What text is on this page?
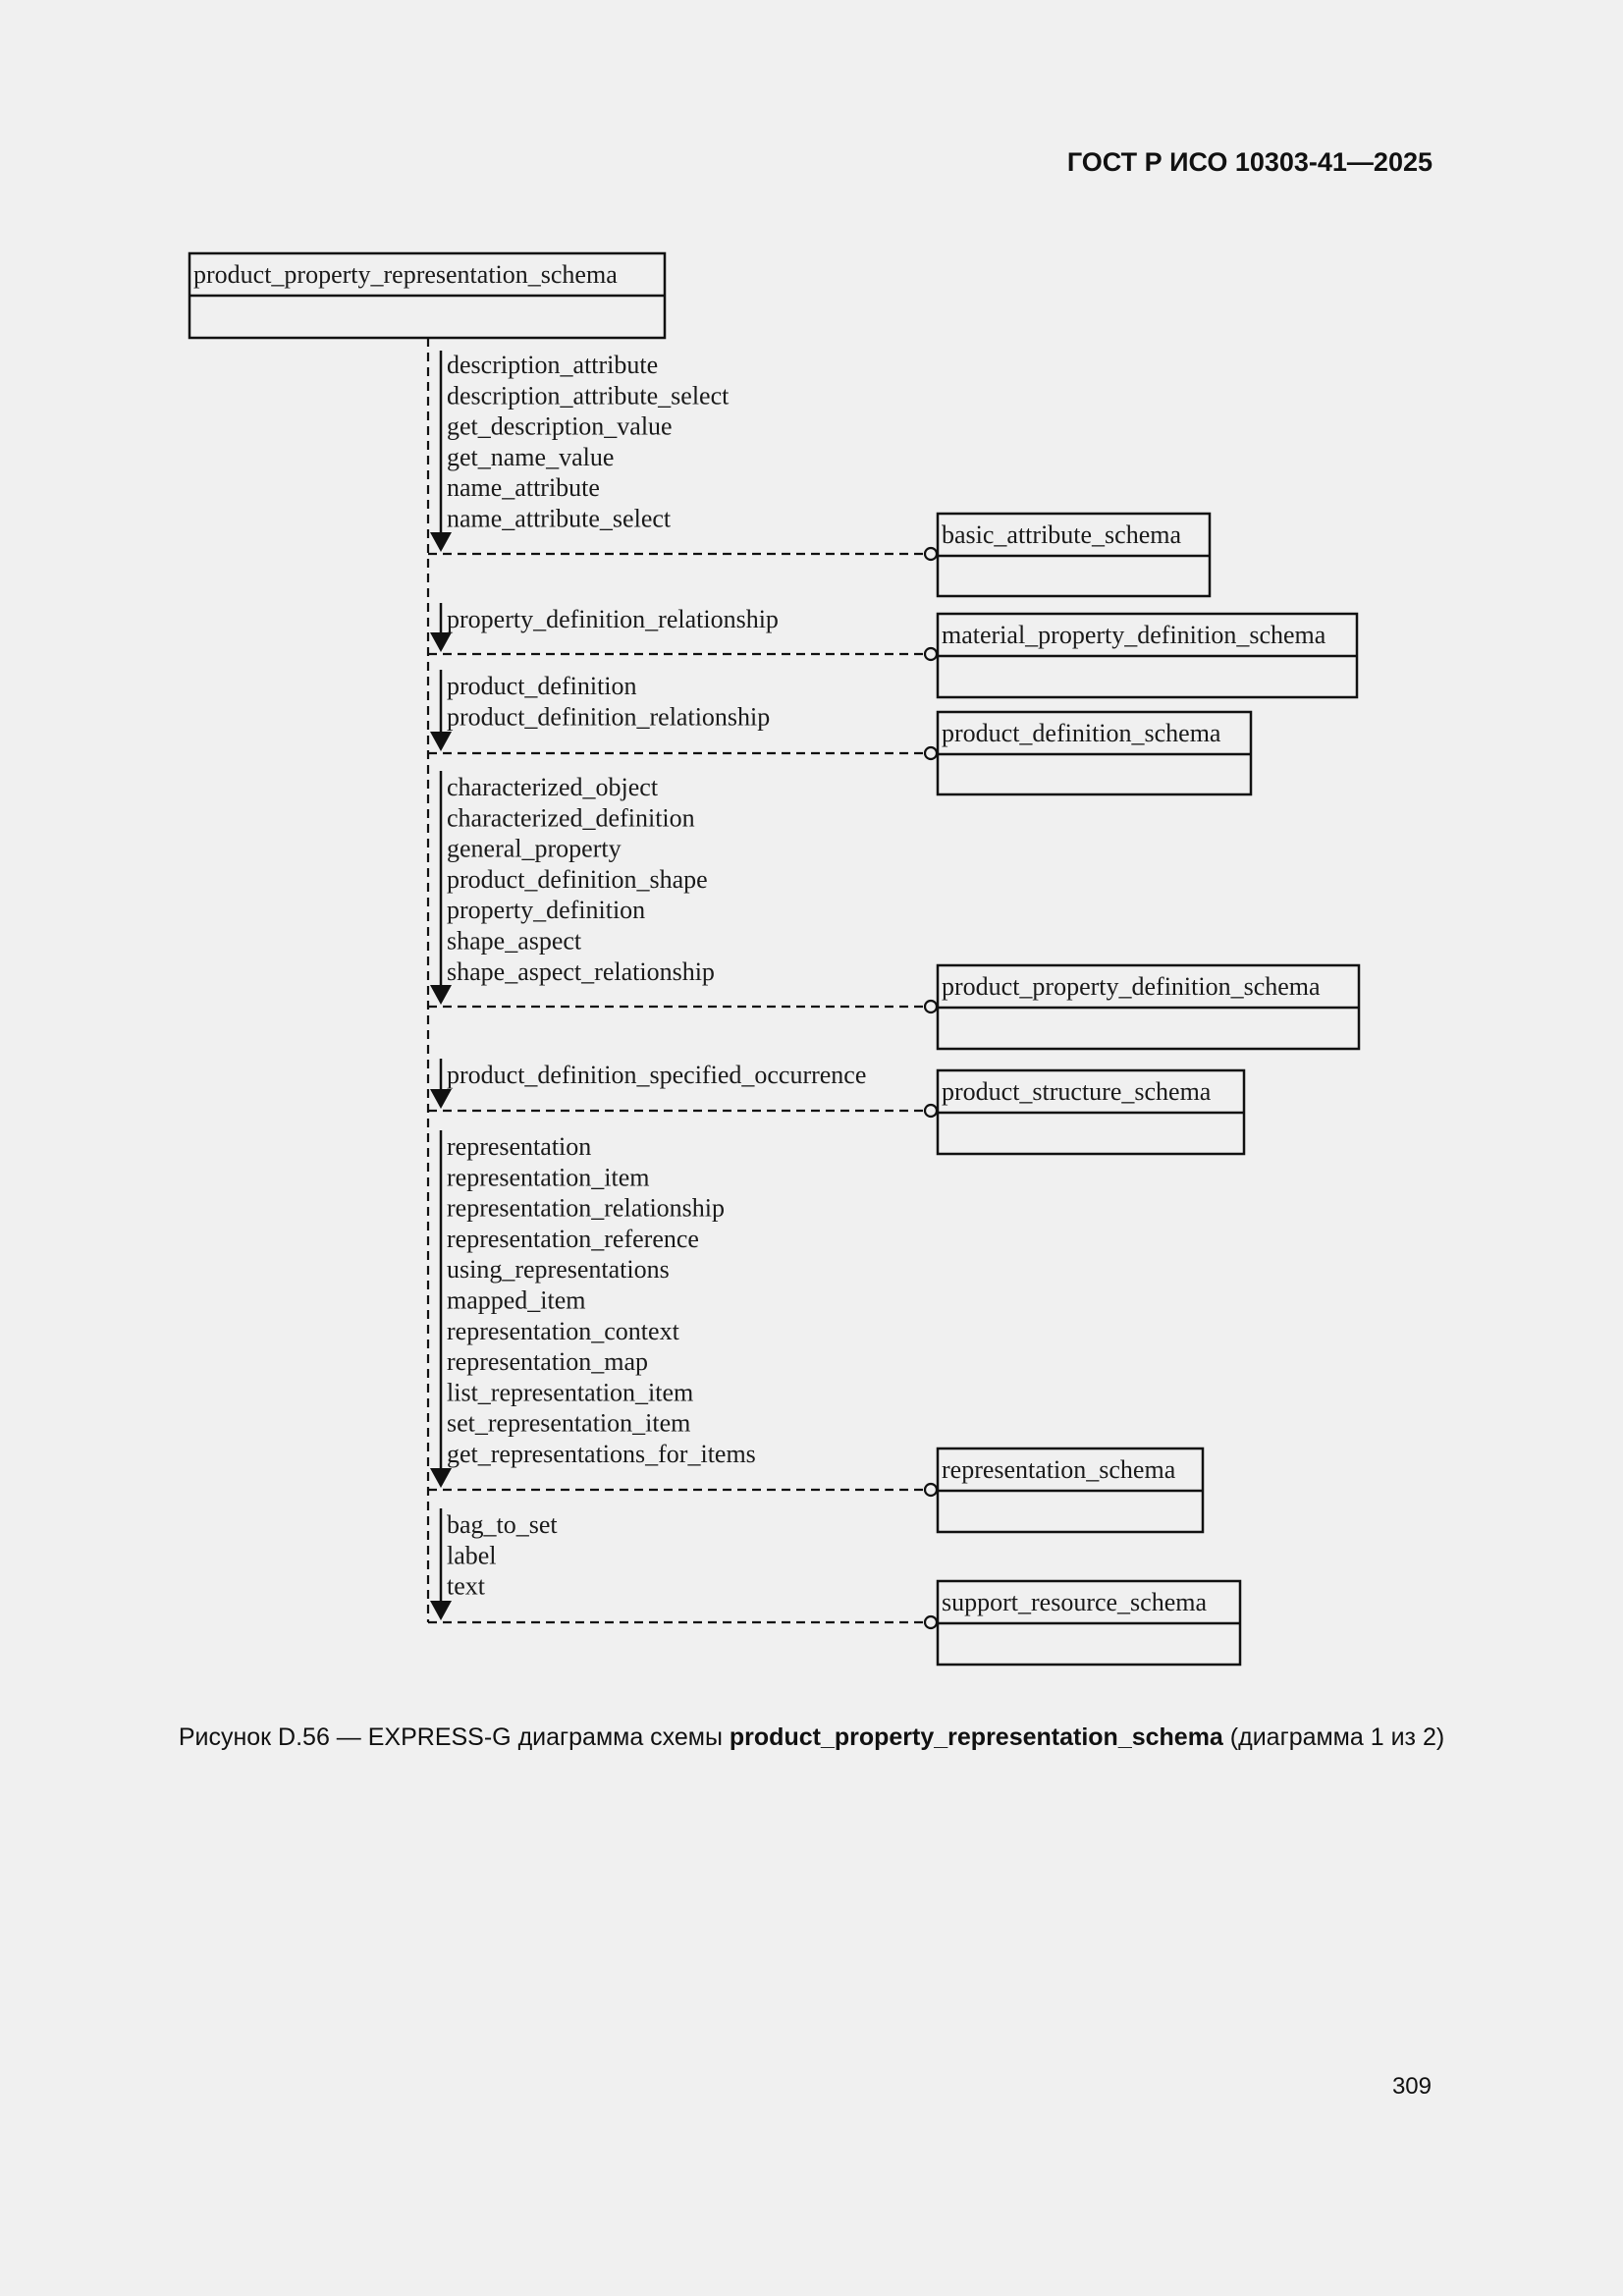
ГОСТ Р ИСО 10303-41—2025
product_property_representation_schema
description_attribute
description_attribute_select
get_description_value
get_name_value
name_attribute
name_attribute_select
basic_attribute_schema
property_definition_relationship
material_property_definition_schema
product_definition
product_definition_relationship
product_definition_schema
characterized_object
characterized_definition
general_property
product_definition_shape
property_definition
shape_aspect
shape_aspect_relationship
product_property_definition_schema
product_definition_specified_occurrence
product_structure_schema
representation
representation_item
representation_relationship
representation_reference
using_representations
mapped_item
representation_context
representation_map
list_representation_item
set_representation_item
get_representations_for_items
representation_schema
bag_to_set
label
text
support_resource_schema
Рисунок D.56 — EXPRESS-G диаграмма схемы product_property_representation_schema (диаграмма 1 из 2)
309
